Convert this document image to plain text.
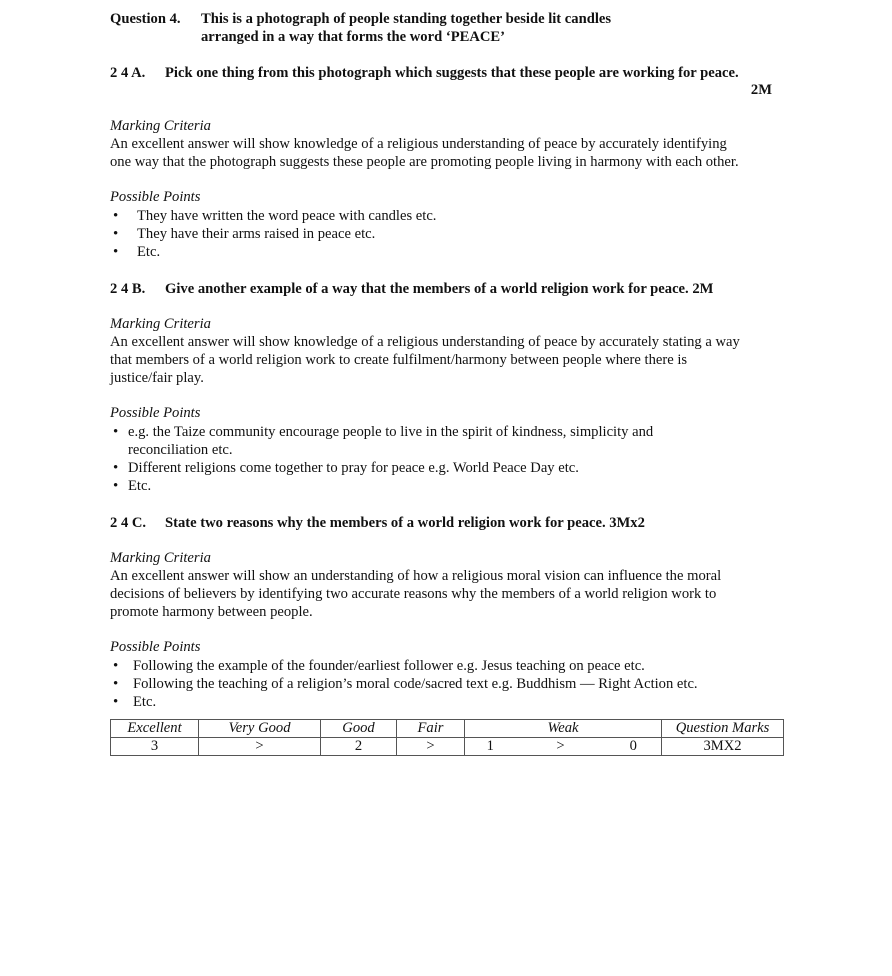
Question 4. This is a photograph of people standing together beside lit candles
arranged in a way that forms the word ‘PEACE’
2 4 A. Pick one thing from this photograph which suggests that these people are working for peace.
2M
Marking Criteria
An excellent answer will show knowledge of a religious understanding of peace by accurately identifying
one way that the photograph suggests these people are promoting people living in harmony with each other.
Possible Points
• They have written the word peace with candles etc.
• They have their arms raised in peace etc.
• Etc.
2 4 B. Give another example of a way that the members of a world religion work for peace. 2M
Marking Criteria
An excellent answer will show knowledge of a religious understanding of peace by accurately stating a way
that members of a world religion work to create fulfilment/harmony between people where there is
justice/fair play.
Possible Points
• e.g. the Taize community encourage people to live in the spirit of kindness, simplicity and
reconciliation etc.
• Different religions come together to pray for peace e.g. World Peace Day etc.
• Etc.
2 4 C. State two reasons why the members of a world religion work for peace. 3Mx2
Marking Criteria
An excellent answer will show an understanding of how a religious moral vision can influence the moral
decisions of believers by identifying two accurate reasons why the members of a world religion work to
promote harmony between people.
Possible Points
• Following the example of the founder/earliest follower e.g. Jesus teaching on peace etc.
• Following the teaching of a religion’s moral code/sacred text e.g. Buddhism — Right Action etc.
• Etc.
Excellent	Very Good	Good	Fair	Weak			Question Marks
3	>	2	>	1	>	0	3MX2
